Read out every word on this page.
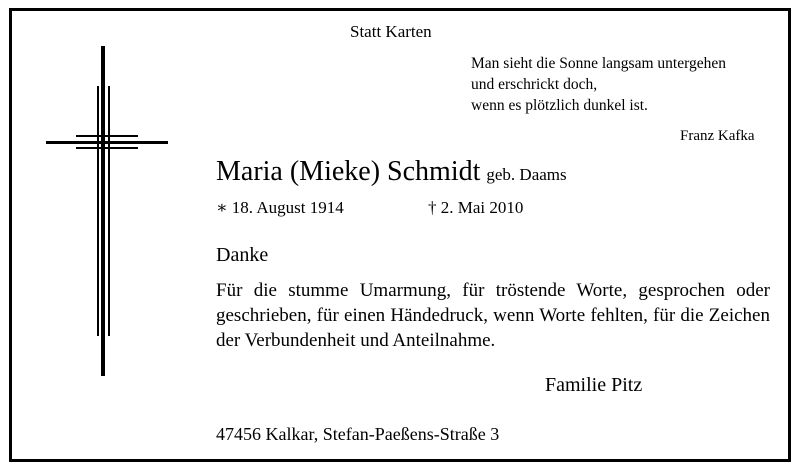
Statt Karten
Man sieht die Sonne langsam untergehen
und erschrickt doch,
wenn es plötzlich dunkel ist.
Franz Kafka
Maria (Mieke) Schmidt geb. Daams
∗ 18. August 1914	† 2. Mai 2010
Danke
Für die stumme Umarmung, für tröstende Worte, gesprochen oder geschrieben, für einen Händedruck, wenn Worte fehlten, für die Zeichen der Verbundenheit und Anteilnahme.
Familie Pitz
47456 Kalkar, Stefan-Paeßens-Straße 3
